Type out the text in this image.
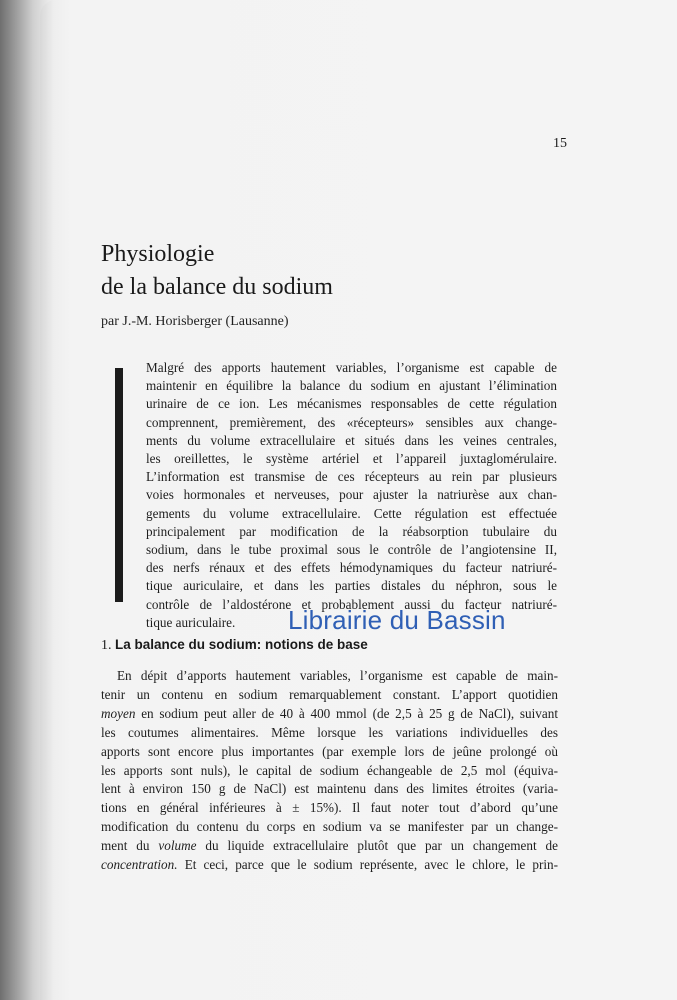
15
Physiologie
de la balance du sodium
par J.-M. Horisberger (Lausanne)
Malgré des apports hautement variables, l’organisme est capable de
maintenir en équilibre la balance du sodium en ajustant l’élimination
urinaire de ce ion. Les mécanismes responsables de cette régulation
comprennent, premièrement, des «récepteurs» sensibles aux change-
ments du volume extracellulaire et situés dans les veines centrales,
les oreillettes, le système artériel et l’appareil juxtaglomérulaire.
L’information est transmise de ces récepteurs au rein par plusieurs
voies hormonales et nerveuses, pour ajuster la natriurèse aux chan-
gements du volume extracellulaire. Cette régulation est effectuée
principalement par modification de la réabsorption tubulaire du
sodium, dans le tube proximal sous le contrôle de l’angiotensine II,
des nerfs rénaux et des effets hémodynamiques du facteur natriuré-
tique auriculaire, et dans les parties distales du néphron, sous le
contrôle de l’aldostérone et probablement aussi du facteur natriuré-
tique auriculaire.	Librairie du Bassin
1. La balance du sodium: notions de base
En dépit d’apports hautement variables, l’organisme est capable de main-
tenir un contenu en sodium remarquablement constant. L’apport quotidien
moyen en sodium peut aller de 40 à 400 mmol (de 2,5 à 25 g de NaCl), suivant
les coutumes alimentaires. Même lorsque les variations individuelles des
apports sont encore plus importantes (par exemple lors de jeûne prolongé où
les apports sont nuls), le capital de sodium échangeable de 2,5 mol (équiva-
lent à environ 150 g de NaCl) est maintenu dans des limites étroites (varia-
tions en général inférieures à ± 15%). Il faut noter tout d’abord qu’une
modification du contenu du corps en sodium va se manifester par un change-
ment du volume du liquide extracellulaire plutôt que par un changement de
concentration. Et ceci, parce que le sodium représente, avec le chlore, le prin-
